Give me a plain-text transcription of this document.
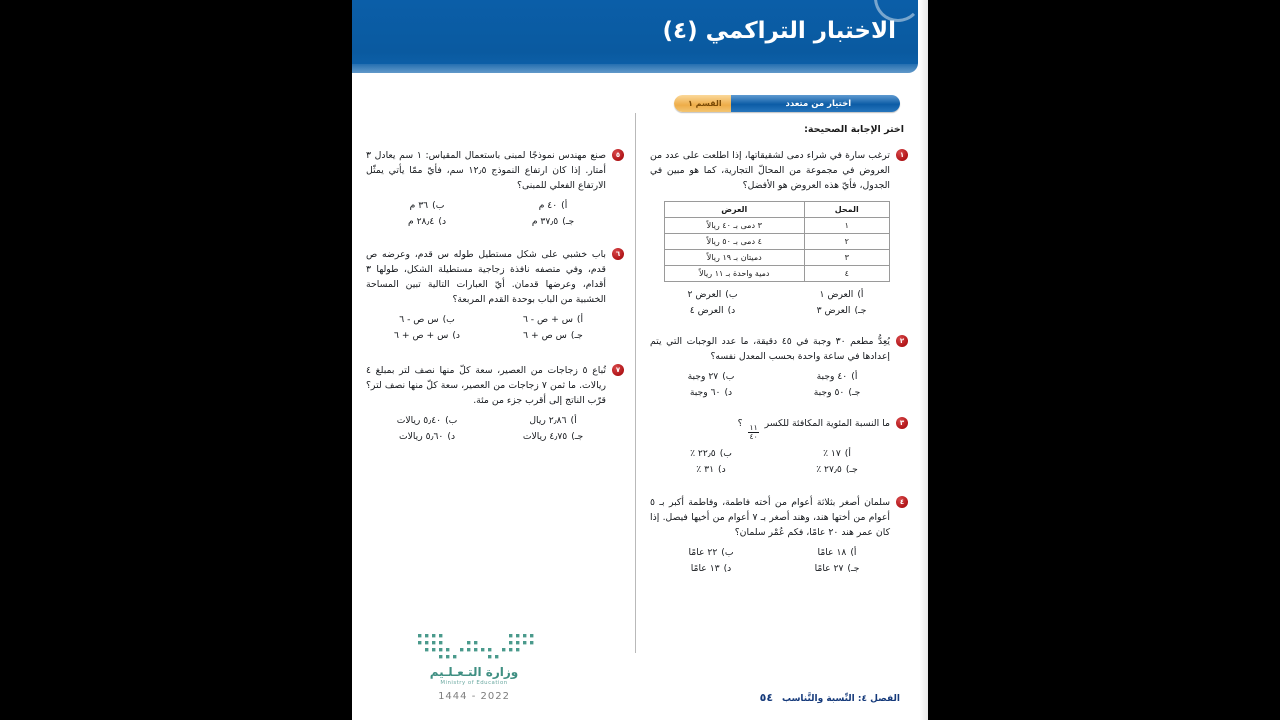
الاختبار التراكمي (٤)
القسم ١	اختيار من متعدد
اختر الإجابة الصحيحة:
١
ترغب سارة في شراء دمى لشقيقاتها، إذا اطلعت على عدد من العروض في مجموعة من المحالّ التجارية، كما هو مبين في الجدول، فأيّ هذه العروض هو الأفضل؟
المحل	العرض
١	٣ دمى بـ ٤٠ ريالاً
٢	٤ دمى بـ ٥٠ ريالاً
٣	دميتان بـ ١٩ ريالاً
٤	دمية واحدة بـ ١١ ريالاً
أ)
العرض ١
ب)
العرض ٢
جـ)
العرض ٣
د)
العرض ٤
٢
يُعِدُّ مطعم ٣٠ وجبة في ٤٥ دقيقة، ما عدد الوجبات التي يتم إعدادها في ساعة واحدة بحسب المعدل نفسه؟
أ)
٤٠ وجبة
ب)
٢٧ وجبة
جـ)
٥٠ وجبة
د)
٦٠ وجبة
٣
ما النسبة المئوية المكافئة للكسر
$\frac{١١}{٤٠}$
؟
أ)
١٧ ٪
ب)
٢٢٫٥ ٪
جـ)
٢٧٫٥ ٪
د)
٣١ ٪
٤
سلمان أصغر بثلاثة أعوام من أخته فاطمة، وفاطمة أكبر بـ ٥ أعوام من أختها هند، وهند أصغر بـ ٧ أعوام من أخيها فيصل. إذا كان عمر هند ٢٠ عامًا، فكم عُمْر سلمان؟
أ)
١٨ عامًا
ب)
٢٢ عامًا
جـ)
٢٧ عامًا
د)
١٣ عامًا
٥
صنع مهندس نموذجًا لمبنى باستعمال المقياس: ١ سم يعادل ٣ أمتار. إذا كان ارتفاع النموذج ١٢٫٥ سم، فأيّ ممّا يأتي يمثّل الارتفاع الفعلي للمبنى؟
أ)
٤٠ م
ب)
٣٦ م
جـ)
٣٧٫٥ م
د)
٢٨٫٤ م
٦
باب خشبي على شكل مستطيل طوله س قدم، وعرضه ص قدم، وفي متصفه نافذة زجاجية مستطيلة الشكل، طولها ٣ أقدام، وعرضها قدمان. أيّ العبارات التالية تبين المساحة الخشبية من الباب بوحدة القدم المربعة؟
أ)
س + ص - ٦
ب)
س ص - ٦
جـ)
س ص + ٦
د)
س + ص + ٦
٧
تُباع ٥ زجاجات من العصير، سعة كلّ منها نصف لتر بمبلغ ٤ ريالات. ما ثمن ٧ زجاجات من العصير، سعة كلّ منها نصف لتر؟ قرّب الناتج إلى أقرب جزء من مئة.
أ)
٢٫٨٦ ريال
ب)
٥٫٤٠ ريالات
جـ)
٤٫٧٥ ريالات
د)
٥٫٦٠ ريالات
وزارة التـعـلـيم
Ministry of Education
2022 - 1444	الفصل ٤: النِّسبة والتَّناسب
٥٤
